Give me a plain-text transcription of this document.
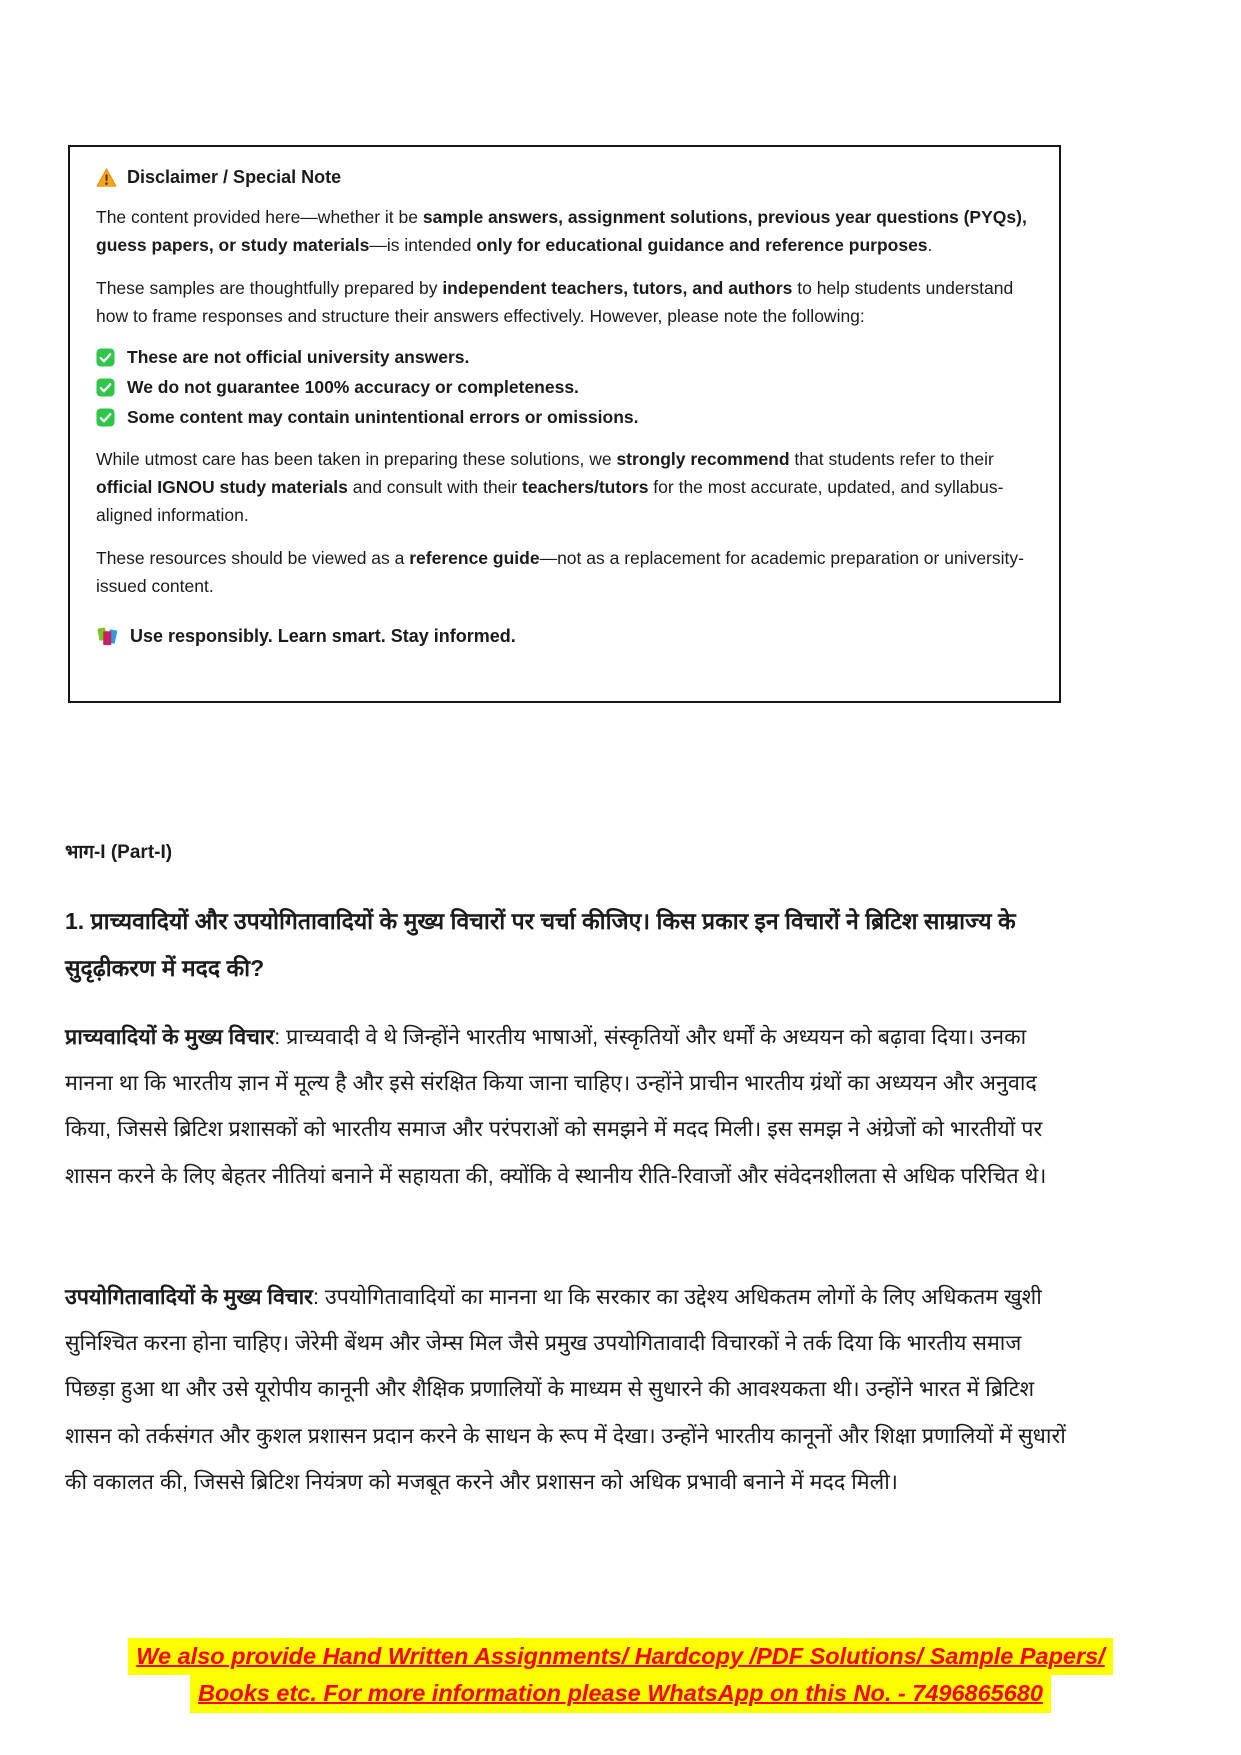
Disclaimer / Special Note

The content provided here—whether it be sample answers, assignment solutions, previous year questions (PYQs), guess papers, or study materials—is intended only for educational guidance and reference purposes.

These samples are thoughtfully prepared by independent teachers, tutors, and authors to help students understand how to frame responses and structure their answers effectively. However, please note the following:

These are not official university answers.
We do not guarantee 100% accuracy or completeness.
Some content may contain unintentional errors or omissions.

While utmost care has been taken in preparing these solutions, we strongly recommend that students refer to their official IGNOU study materials and consult with their teachers/tutors for the most accurate, updated, and syllabus-aligned information.

These resources should be viewed as a reference guide—not as a replacement for academic preparation or university-issued content.

Use responsibly. Learn smart. Stay informed.
भाग-I (Part-I)
1. प्राच्यवादियों और उपयोगितावादियों के मुख्य विचारों पर चर्चा कीजिए। किस प्रकार इन विचारों ने ब्रिटिश साम्राज्य के सुदृढ़ीकरण में मदद की?

प्राच्यवादियों के मुख्य विचार: प्राच्यवादी वे थे जिन्होंने भारतीय भाषाओं, संस्कृतियों और धर्मों के अध्ययन को बढ़ावा दिया। उनका मानना था कि भारतीय ज्ञान में मूल्य है और इसे संरक्षित किया जाना चाहिए। उन्होंने प्राचीन भारतीय ग्रंथों का अध्ययन और अनुवाद किया, जिससे ब्रिटिश प्रशासकों को भारतीय समाज और परंपराओं को समझने में मदद मिली। इस समझ ने अंग्रेजों को भारतीयों पर शासन करने के लिए बेहतर नीतियां बनाने में सहायता की, क्योंकि वे स्थानीय रीति-रिवाजों और संवेदनशीलता से अधिक परिचित थे।

उपयोगितावादियों के मुख्य विचार: उपयोगितावादियों का मानना था कि सरकार का उद्देश्य अधिकतम लोगों के लिए अधिकतम खुशी सुनिश्चित करना होना चाहिए। जेरेमी बेंथम और जेम्स मिल जैसे प्रमुख उपयोगितावादी विचारकों ने तर्क दिया कि भारतीय समाज पिछड़ा हुआ था और उसे यूरोपीय कानूनी और शैक्षिक प्रणालियों के माध्यम से सुधारने की आवश्यकता थी। उन्होंने भारत में ब्रिटिश शासन को तर्कसंगत और कुशल प्रशासन प्रदान करने के साधन के रूप में देखा। उन्होंने भारतीय कानूनों और शिक्षा प्रणालियों में सुधारों की वकालत की, जिससे ब्रिटिश नियंत्रण को मजबूत करने और प्रशासन को अधिक प्रभावी बनाने में मदद मिली।

We also provide Hand Written Assignments/ Hardcopy /PDF Solutions/ Sample Papers/
Books etc. For more information please WhatsApp on this No. - 7496865680
